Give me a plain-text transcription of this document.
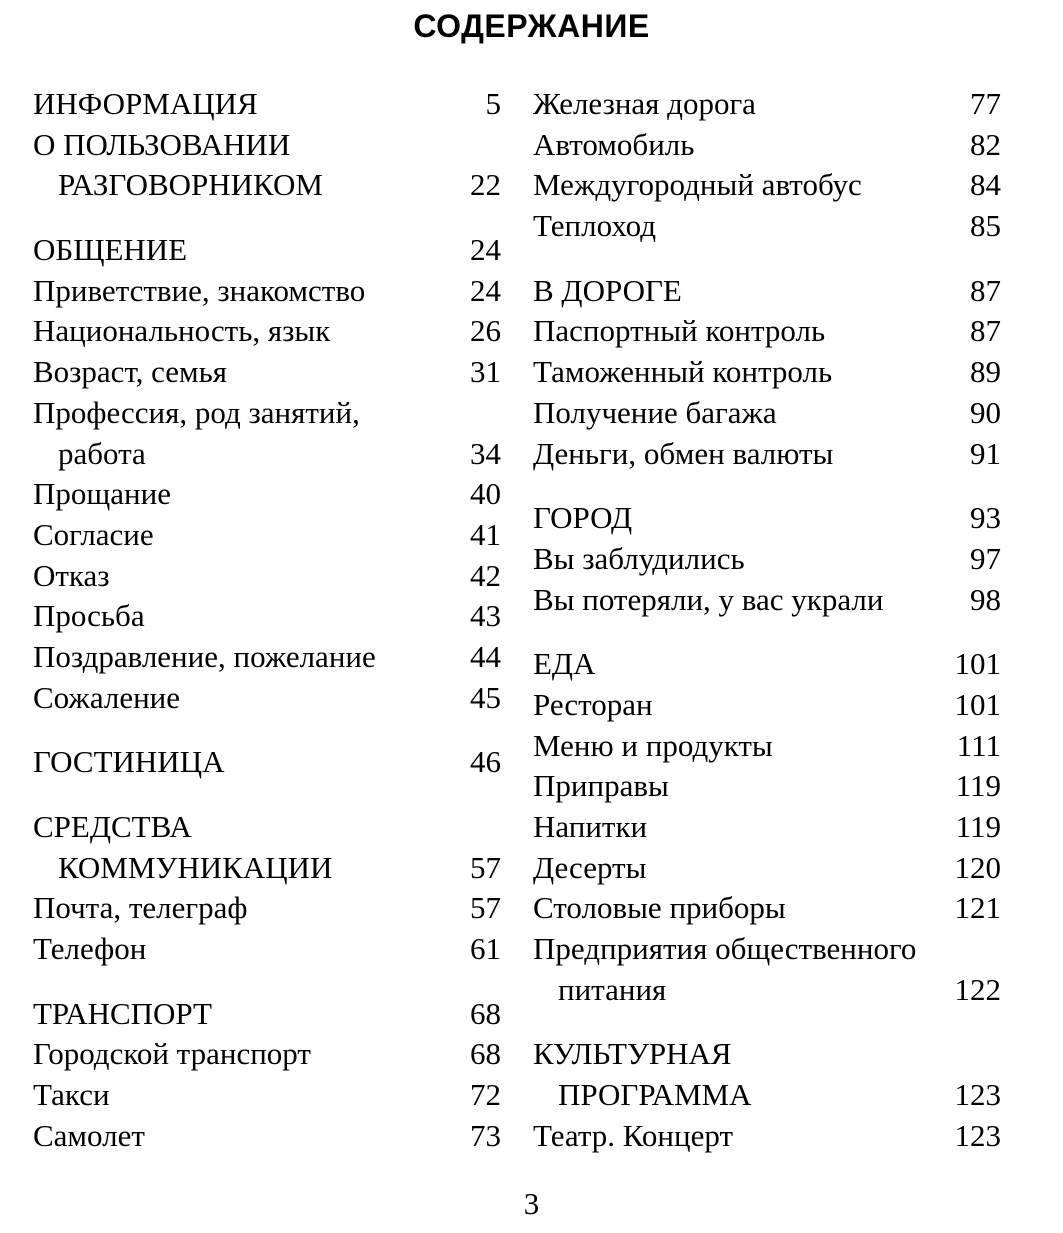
СОДЕРЖАНИЕ
ИНФОРМАЦИЯ .....	5
О ПОЛЬЗОВАНИИ
РАЗГОВОРНИКОМ .....	22
ОБЩЕНИЕ .....	24
Приветствие, знакомство .....	24
Национальность, язык .....	26
Возраст, семья .....	31
Профессия, род занятий,
работа .....	34
Прощание .....	40
Согласие .....	41
Отказ .....	42
Просьба .....	43
Поздравление, пожелание .....	44
Сожаление .....	45
ГОСТИНИЦА .....	46
СРЕДСТВА
КОММУНИКАЦИИ .....	57
Почта, телеграф .....	57
Телефон .....	61
ТРАНСПОРТ .....	68
Городской транспорт .....	68
Такси .....	72
Самолет .....	73
Железная дорога .....	77
Автомобиль .....	82
Междугородный автобус .....	84
Теплоход .....	85
В ДОРОГЕ .....	87
Паспортный контроль .....	87
Таможенный контроль .....	89
Получение багажа .....	90
Деньги, обмен валюты .....	91
ГОРОД .....	93
Вы заблудились .....	97
Вы потеряли, у вас украли .....	98
ЕДА .....	101
Ресторан .....	101
Меню и продукты .....	111
Приправы .....	119
Напитки .....	119
Десерты .....	120
Столовые приборы .....	121
Предприятия общественного
питания .....	122
КУЛЬТУРНАЯ
ПРОГРАММА .....	123
Театр. Концерт .....	123
3
